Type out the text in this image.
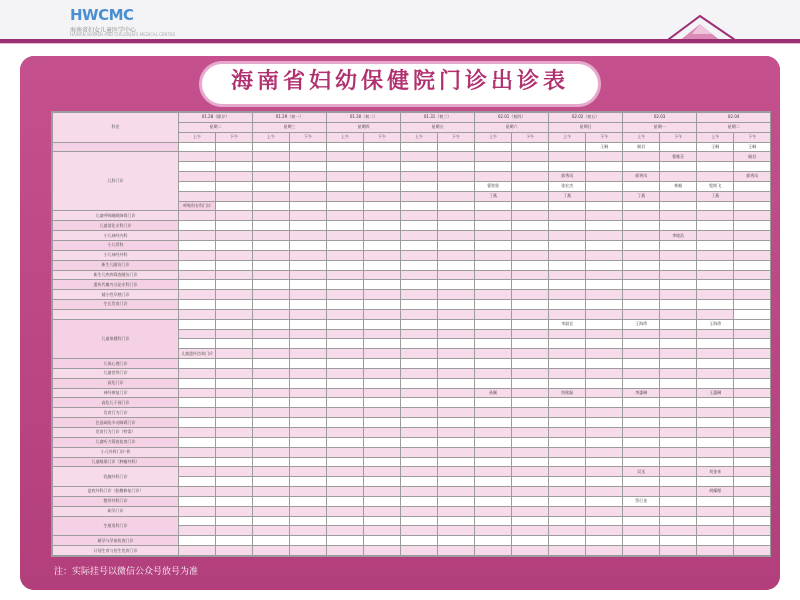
HWCMC
海南省妇女儿童医学中心
HAINAN WOMEN AND CHILDREN'S MEDICAL CENTER
海南省妇幼保健院门诊出诊表
科室	01.28（除夕）		01.29（初一）		01.30（初二）		01.31（初三）		02.01（初四）		02.02（初五）		02.03		02.04		
	星期二		星期三		星期四		星期五		星期六		星期日		星期一		星期二		
	上午	下午	上午	下午	上午	下午	上午	下午	上午	下午	上午	下午	上午	下午	上午	下午	
												王桐	顾君		王桐	王桐	
儿科门诊														曹维芬		顾君	

											郭秀凤		郭秀凤			郭秀凤	
									曹智贤		张宏杰			林媚	程简飞		
									丁燕		丁燕		丁燕		丁燕		
	呼吸科专科门诊																
儿童呼吸睡眠障碍门诊																	
儿童消化专科门诊																	
小儿神经内科														李铭浩			
小儿骨科																	
小儿神经外科																	
新生儿随访门诊																	
新生儿疾病筛查随访门诊																	
遗传代谢内分泌专科门诊																	
矮小性早熟门诊																	
生长发育门诊																	

儿童保健科门诊											李淑宜		王海珍		王海珍		

	儿童遗传咨询门诊																
儿保心理门诊																	
儿童营养门诊																	
高危门诊																	
神经康复门诊									孙颖		符铭磊		李惠琳		王惠琳		
高危儿干预门诊																	
发育行为门诊																	
注意缺陷多动障碍门诊																	
发育行为门诊（特需）																	
儿童听力筛查复查门诊																	
小儿外科门诊-普																	
儿童眼保门诊（肿瘤外科）																	
乳腺外科门诊													吴丞		刘金来		

盆底外科门诊（胎膜修复门诊）															胡耀理		
整形外科门诊													蔡行金				
助孕门诊																	
生殖男科门诊																	

避孕与孕前检查门诊																	
计划生育与招生优育门诊																	
注：实际挂号以微信公众号放号为准
